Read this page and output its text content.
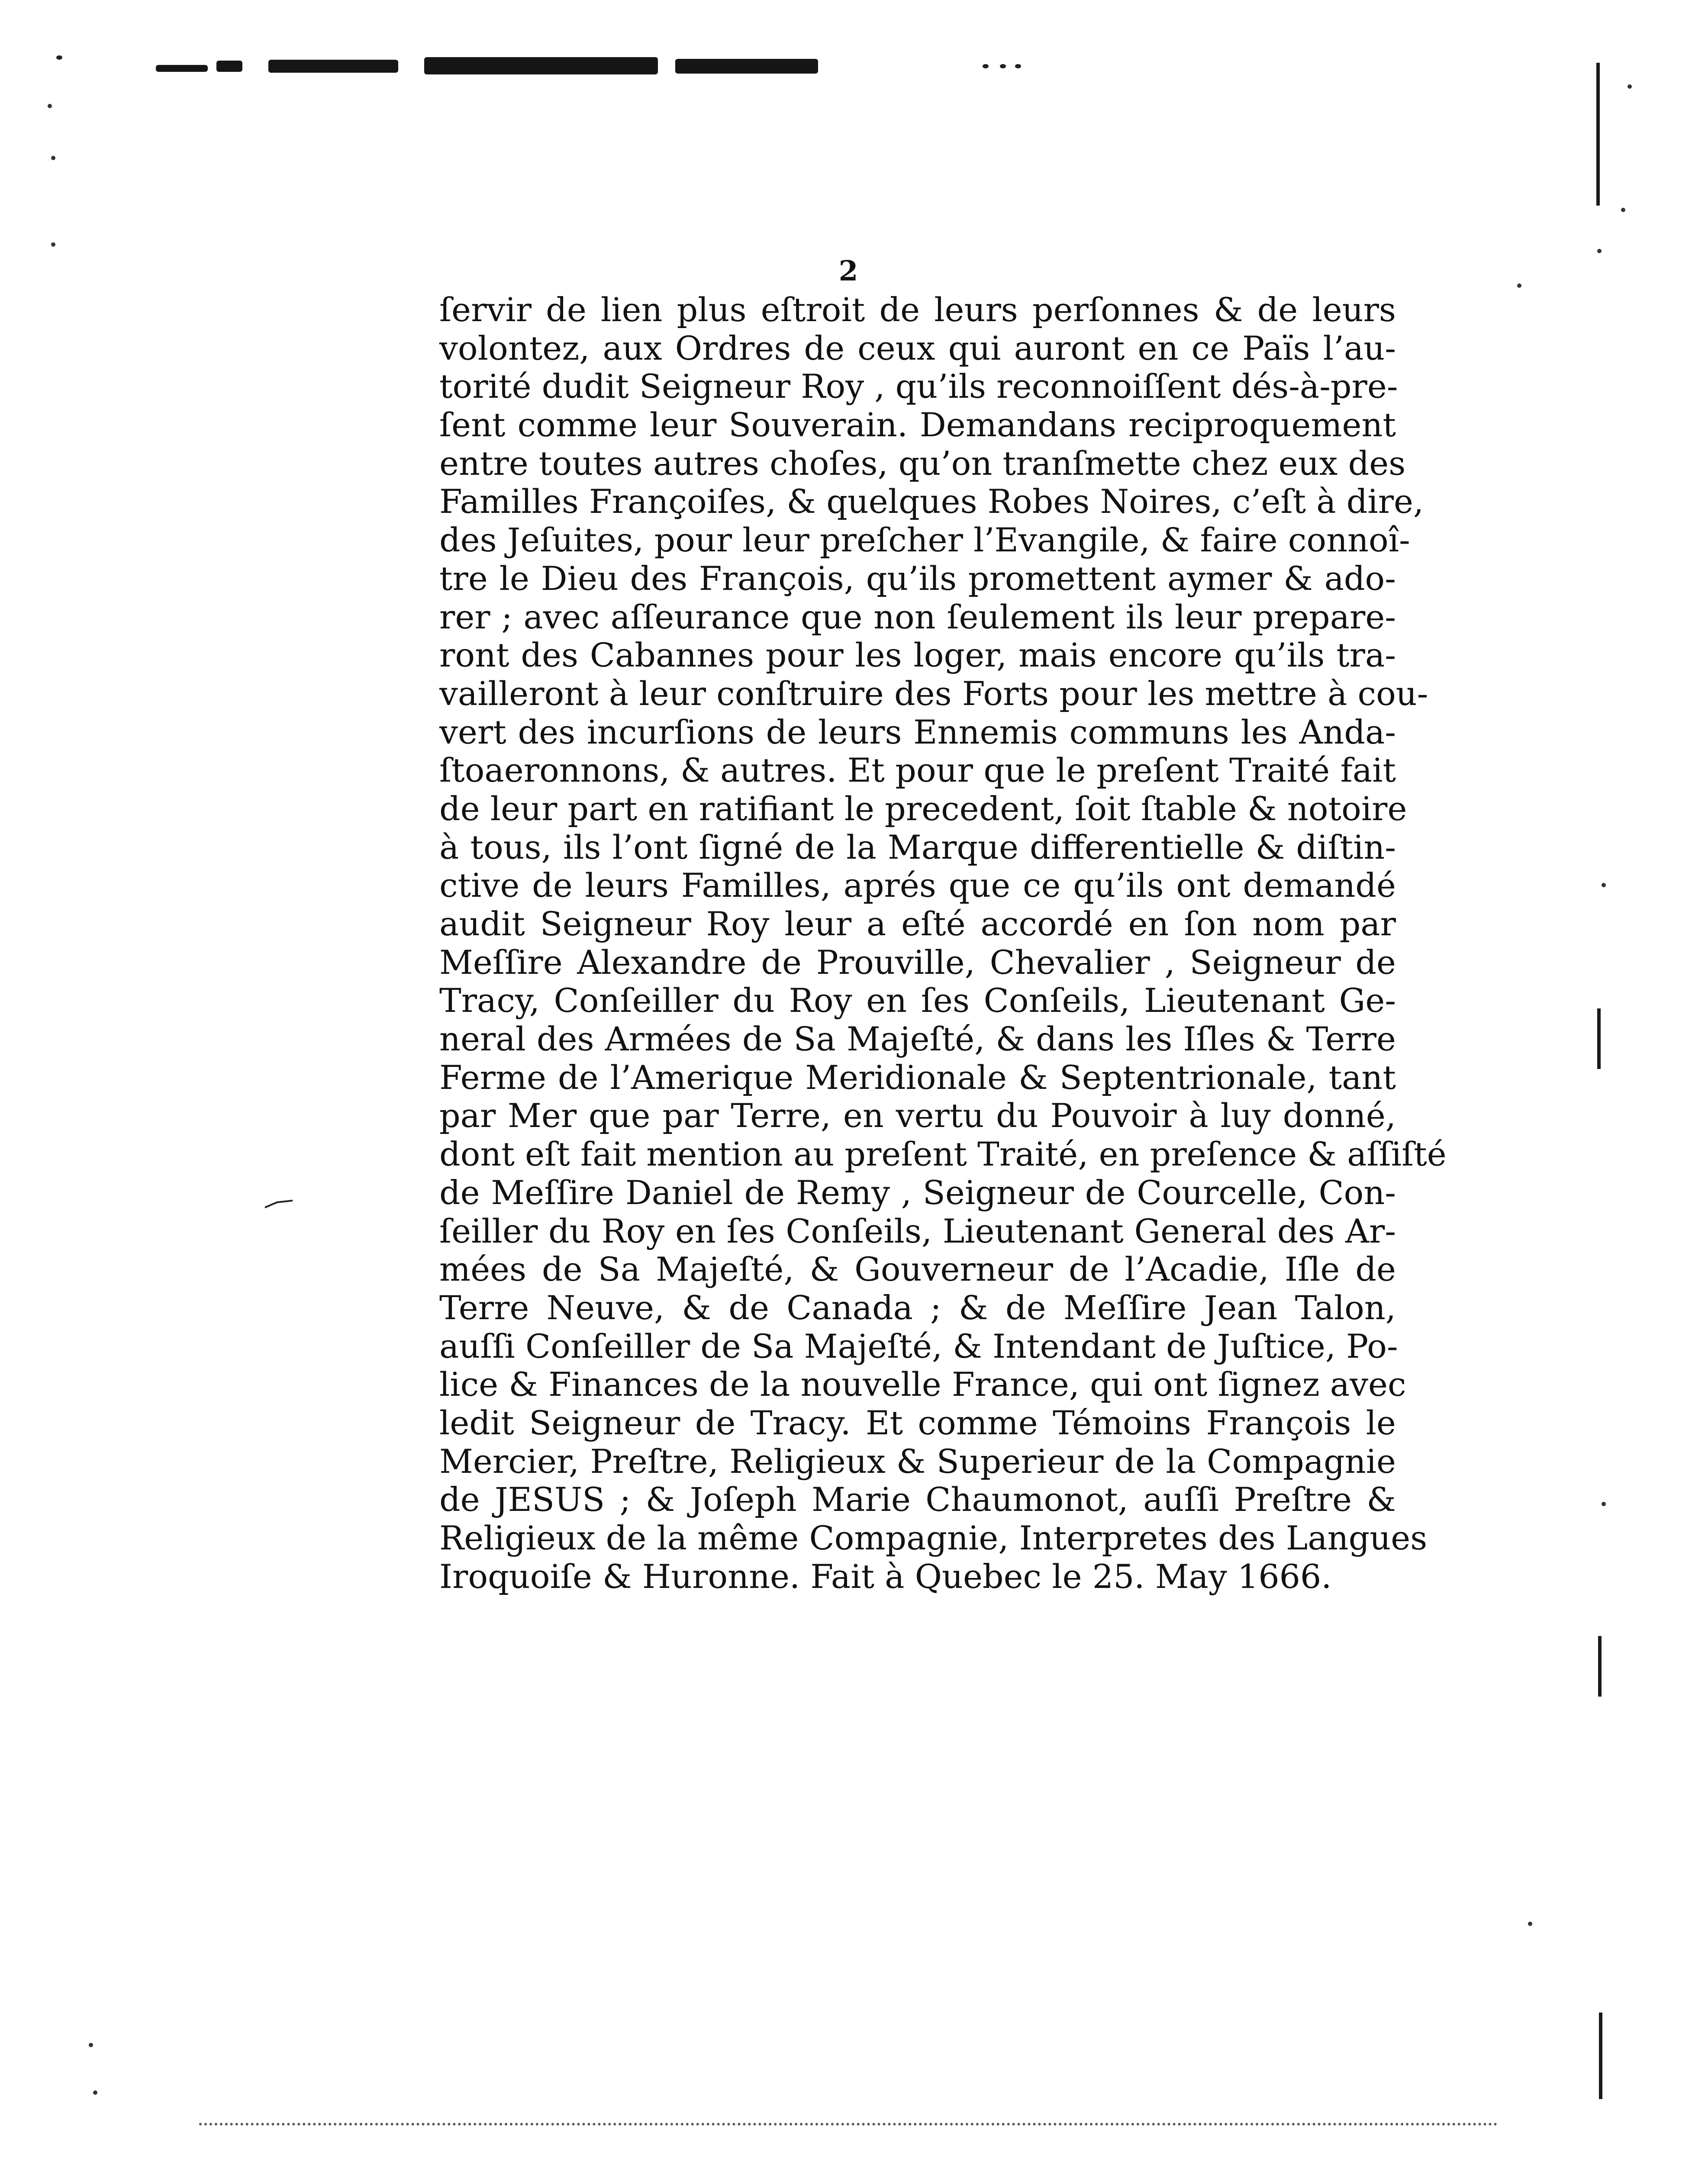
2
ſervir de lien plus eſtroit de leurs perſonnes & de leurs
volontez, aux Ordres de ceux qui auront en ce Païs l’au-
torité dudit Seigneur Roy , qu’ils reconnoiſſent dés-à-pre-
ſent comme leur Souverain. Demandans reciproquement
entre toutes autres choſes, qu’on tranſmette chez eux des
Familles Françoiſes, & quelques Robes Noires, c’eſt à dire,
des Jeſuites, pour leur preſcher l’Evangile, & faire connoî-
tre le Dieu des François, qu’ils promettent aymer & ado-
rer ; avec aſſeurance que non ſeulement ils leur prepare-
ront des Cabannes pour les loger, mais encore qu’ils tra-
vailleront à leur conſtruire des Forts pour les mettre à cou-
vert des incurſions de leurs Ennemis communs les Anda-
ſtoaeronnons, & autres. Et pour que le preſent Traité fait
de leur part en ratifiant le precedent, ſoit ſtable & notoire
à tous, ils l’ont ſigné de la Marque differentielle & diſtin-
ctive de leurs Familles, aprés que ce qu’ils ont demandé
audit Seigneur Roy leur a eſté accordé en ſon nom par
Meſſire Alexandre de Prouville, Chevalier , Seigneur de
Tracy, Conſeiller du Roy en ſes Conſeils, Lieutenant Ge-
neral des Armées de Sa Majeſté, & dans les Iſles & Terre
Ferme de l’Amerique Meridionale & Septentrionale, tant
par Mer que par Terre, en vertu du Pouvoir à luy donné,
dont eſt fait mention au preſent Traité, en preſence & aſſiſté
de Meſſire Daniel de Remy , Seigneur de Courcelle, Con-
ſeiller du Roy en ſes Conſeils, Lieutenant General des Ar-
mées de Sa Majeſté, & Gouverneur de l’Acadie, Iſle de
Terre Neuve, & de Canada ; & de Meſſire Jean Talon,
auſſi Conſeiller de Sa Majeſté, & Intendant de Juſtice, Po-
lice & Finances de la nouvelle France, qui ont ſignez avec
ledit Seigneur de Tracy. Et comme Témoins François le
Mercier, Preſtre, Religieux & Superieur de la Compagnie
de JESUS ; & Joſeph Marie Chaumonot, auſſi Preſtre &
Religieux de la même Compagnie, Interpretes des Langues
Iroquoiſe & Huronne. Fait à Quebec le 25. May 1666.
